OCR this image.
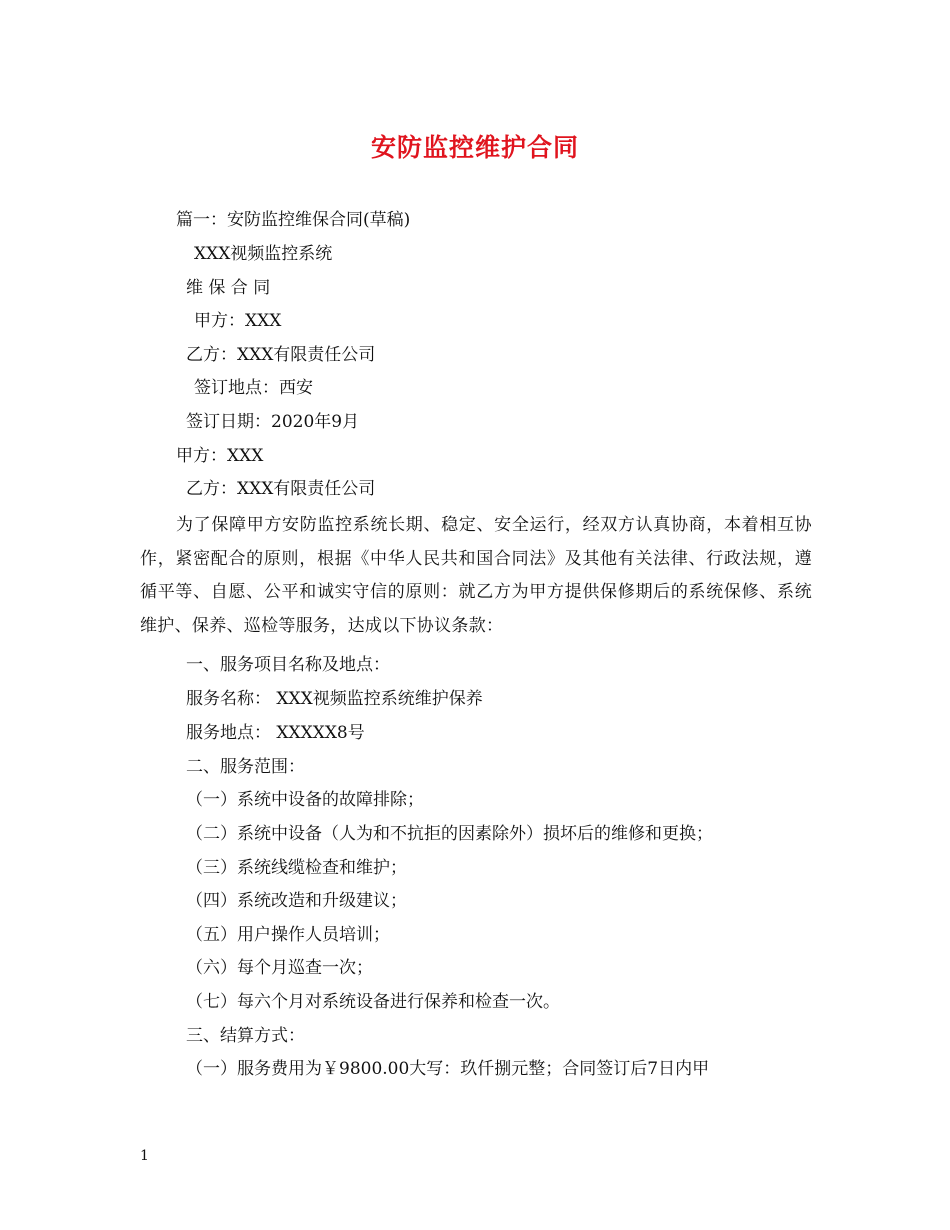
安防监控维护合同
篇一：安防监控维保合同(草稿)
XXX视频监控系统
维 保 合 同
甲方：XXX
乙方：XXX有限责任公司
签订地点：西安
签订日期：2020年9月
甲方：XXX
乙方：XXX有限责任公司
为了保障甲方安防监控系统长期、稳定、安全运行，经双方认真协商，本着相互协作，紧密配合的原则，根据《中华人民共和国合同法》及其他有关法律、行政法规，遵循平等、自愿、公平和诚实守信的原则：就乙方为甲方提供保修期后的系统保修、系统维护、保养、巡检等服务，达成以下协议条款：
一、服务项目名称及地点：
服务名称： XXX视频监控系统维护保养
服务地点： XXXXX8号
二、服务范围：
（一）系统中设备的故障排除；
（二）系统中设备（人为和不抗拒的因素除外）损坏后的维修和更换；
（三）系统线缆检查和维护；
（四）系统改造和升级建议；
（五）用户操作人员培训；
（六）每个月巡查一次；
（七）每六个月对系统设备进行保养和检查一次。
三、结算方式：
（一）服务费用为￥9800.00大写：玖仟捌元整；合同签订后7日内甲
1
